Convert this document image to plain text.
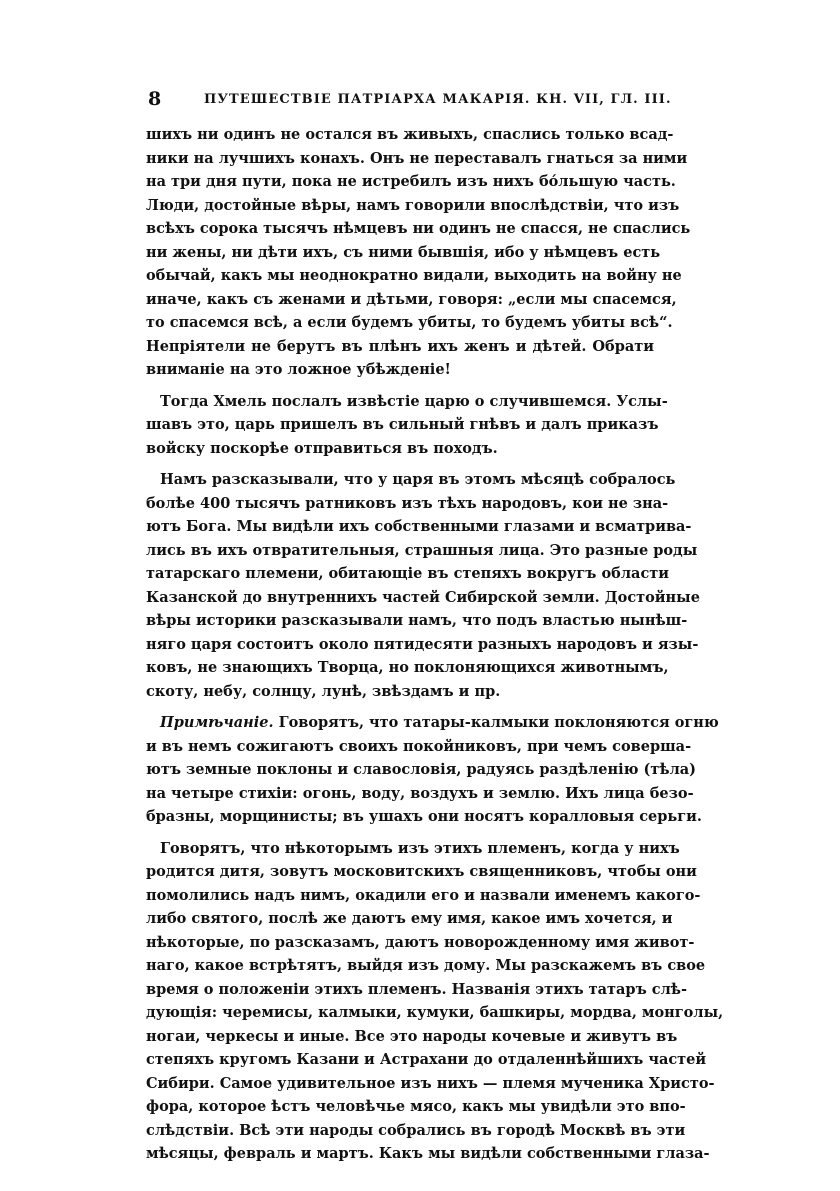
8	ПУТЕШЕСТВІЕ ПАТРІАРХА МАКАРІЯ. КН. VII, ГЛ. III.
шихъ ни одинъ не остался въ живыхъ, спаслись только всад-
ники на лучшихъ конахъ. Онъ не переставалъ гнаться за ними
на три дня пути, пока не истребилъ изъ нихъ бо́льшую часть.
Люди, достойные вѣры, намъ говорили впослѣдствіи, что изъ
всѣхъ сорока тысячъ нѣмцевъ ни одинъ не спасся, не спаслись
ни жены, ни дѣти ихъ, съ ними бывшія, ибо у нѣмцевъ есть
обычай, какъ мы неоднократно видали, выходить на войну не
иначе, какъ съ женами и дѣтьми, говоря: „если мы спасемся,
то спасемся всѣ, а если будемъ убиты, то будемъ убиты всѣ“.
Непріятели не берутъ въ плѣнъ ихъ женъ и дѣтей. Обрати
вниманіе на это ложное убѣжденіе!
Тогда Хмель послалъ извѣстіе царю о случившемся. Услы-
шавъ это, царь пришелъ въ сильный гнѣвъ и далъ приказъ
войску поскорѣе отправиться въ походъ.
Намъ разсказывали, что у царя въ этомъ мѣсяцѣ собралось
болѣе 400 тысячъ ратниковъ изъ тѣхъ народовъ, кои не зна-
ютъ Бога. Мы видѣли ихъ собственными глазами и всматрива-
лись въ ихъ отвратительныя, страшныя лица. Это разные роды
татарскаго племени, обитающіе въ степяхъ вокругъ области
Казанской до внутреннихъ частей Сибирской земли. Достойные
вѣры историки разсказывали намъ, что подъ властью нынѣш-
няго царя состоитъ около пятидесяти разныхъ народовъ и язы-
ковъ, не знающихъ Творца, но поклоняющихся животнымъ,
скоту, небу, солнцу, лунѣ, звѣздамъ и пр.
Примѣчаніе. Говорятъ, что татары-калмыки поклоняются огню
и въ немъ сожигаютъ своихъ покойниковъ, при чемъ соверша-
ютъ земные поклоны и славословія, радуясь раздѣленію (тѣла)
на четыре стихіи: огонь, воду, воздухъ и землю. Ихъ лица безо-
бразны, морщинисты; въ ушахъ они носятъ коралловыя серьги.
Говорятъ, что нѣкоторымъ изъ этихъ племенъ, когда у нихъ
родится дитя, зовутъ московитскихъ священниковъ, чтобы они
помолились надъ нимъ, окадили его и назвали именемъ какого-
либо святого, послѣ же даютъ ему имя, какое имъ хочется, и
нѣкоторые, по разсказамъ, даютъ новорожденному имя живот-
наго, какое встрѣтятъ, выйдя изъ дому. Мы разскажемъ въ свое
время о положеніи этихъ племенъ. Названія этихъ татаръ слѣ-
дующія: черемисы, калмыки, кумуки, башкиры, мордва, монголы,
ногаи, черкесы и иные. Все это народы кочевые и живутъ въ
степяхъ кругомъ Казани и Астрахани до отдаленнѣйшихъ частей
Сибири. Самое удивительное изъ нихъ — племя мученика Христо-
фора, которое ѣстъ человѣчье мясо, какъ мы увидѣли это впо-
слѣдствіи. Всѣ эти народы собрались въ городѣ Москвѣ въ эти
мѣсяцы, февраль и мартъ. Какъ мы видѣли собственными глаза-
